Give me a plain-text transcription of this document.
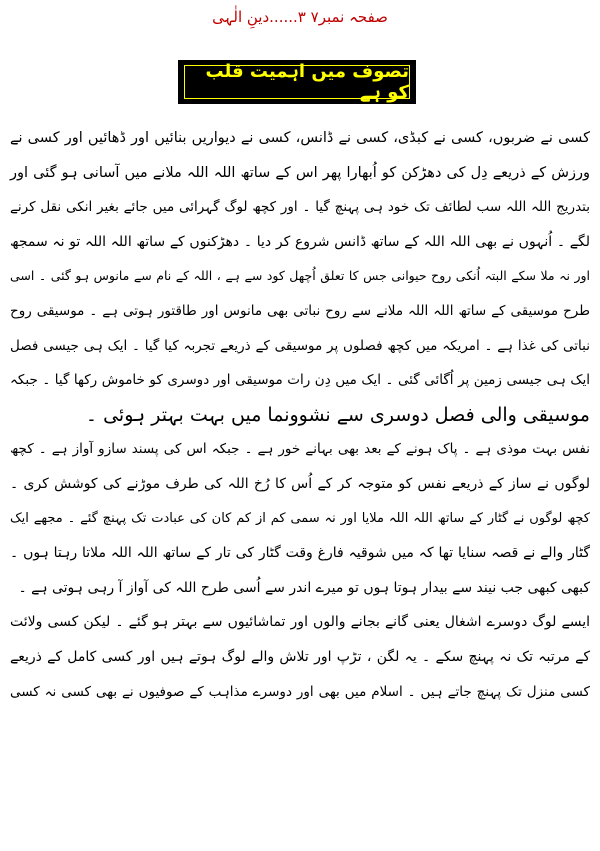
صفحہ نمبر۷ ۳......دینِ الٰہی
تصوف میں اہمیت قلب کو ہے
کسی نے ضربوں، کسی نے کبڈی، کسی نے ڈانس، کسی نے دیواریں بنائیں اور ڈھائیں اور کسی نے
ورزش کے ذریعے دِل کی دھڑکن کو اُبھارا پھر اس کے ساتھ اللہ اللہ ملانے میں آسانی ہو گئی اور
بتدریج اللہ اللہ سب لطائف تک خود ہی پہنچ گیا ۔ اور کچھ لوگ گہرائی میں جائے بغیر انکی نقل کرنے
لگے ۔ اُنہوں نے بھی اللہ اللہ کے ساتھ ڈانس شروع کر دیا ۔ دھڑکنوں کے ساتھ اللہ اللہ تو نہ سمجھ
اور نہ ملا سکے البتہ اُنکی روح حیوانی جس کا تعلق اُچھل کود سے ہے ، اللہ کے نام سے مانوس ہو گئی ۔ اسی
طرح موسیقی کے ساتھ اللہ اللہ ملانے سے روح نباتی بھی مانوس اور طاقتور ہوتی ہے ۔ موسیقی روح
نباتی کی غذا ہے ۔ امریکہ میں کچھ فصلوں پر موسیقی کے ذریعے تجربہ کیا گیا ۔ ایک ہی جیسی فصل
ایک ہی جیسی زمین پر اُگائی گئی ۔ ایک میں دِن رات موسیقی اور دوسری کو خاموش رکھا گیا ۔ جبکہ
موسیقی والی فصل دوسری سے نشوونما میں بہت بہتر ہوئی ۔
نفس بہت موذی ہے ۔ پاک ہونے کے بعد بھی بہانے خور ہے ۔ جبکہ اس کی پسند سازو آواز ہے ۔ کچھ
لوگوں نے ساز کے ذریعے نفس کو متوجہ کر کے اُس کا رُخ اللہ کی طرف موڑنے کی کوشش کری ۔
کچھ لوگوں نے گٹار کے ساتھ اللہ اللہ ملایا اور نہ سمی کم از کم کان کی عبادت تک پہنچ گئے ۔ مجھے ایک
گٹار والے نے قصہ سنایا تھا کہ میں شوقیہ فارغ وقت گٹار کی تار کے ساتھ اللہ اللہ ملاتا رہتا ہوں ۔
کبھی کبھی جب نیند سے بیدار ہوتا ہوں تو میرے اندر سے اُسی طرح اللہ کی آواز آ رہی ہوتی ہے ۔
ایسے لوگ دوسرے اشغال یعنی گانے بجانے والوں اور تماشائیوں سے بہتر ہو گئے ۔ لیکن کسی ولائت
کے مرتبہ تک نہ پہنچ سکے ۔ یہ لگن ، تڑپ اور تلاش والے لوگ ہوتے ہیں اور کسی کامل کے ذریعے
کسی منزل تک پہنچ جاتے ہیں ۔ اسلام میں بھی اور دوسرے مذاہب کے صوفیوں نے بھی کسی نہ کسی
